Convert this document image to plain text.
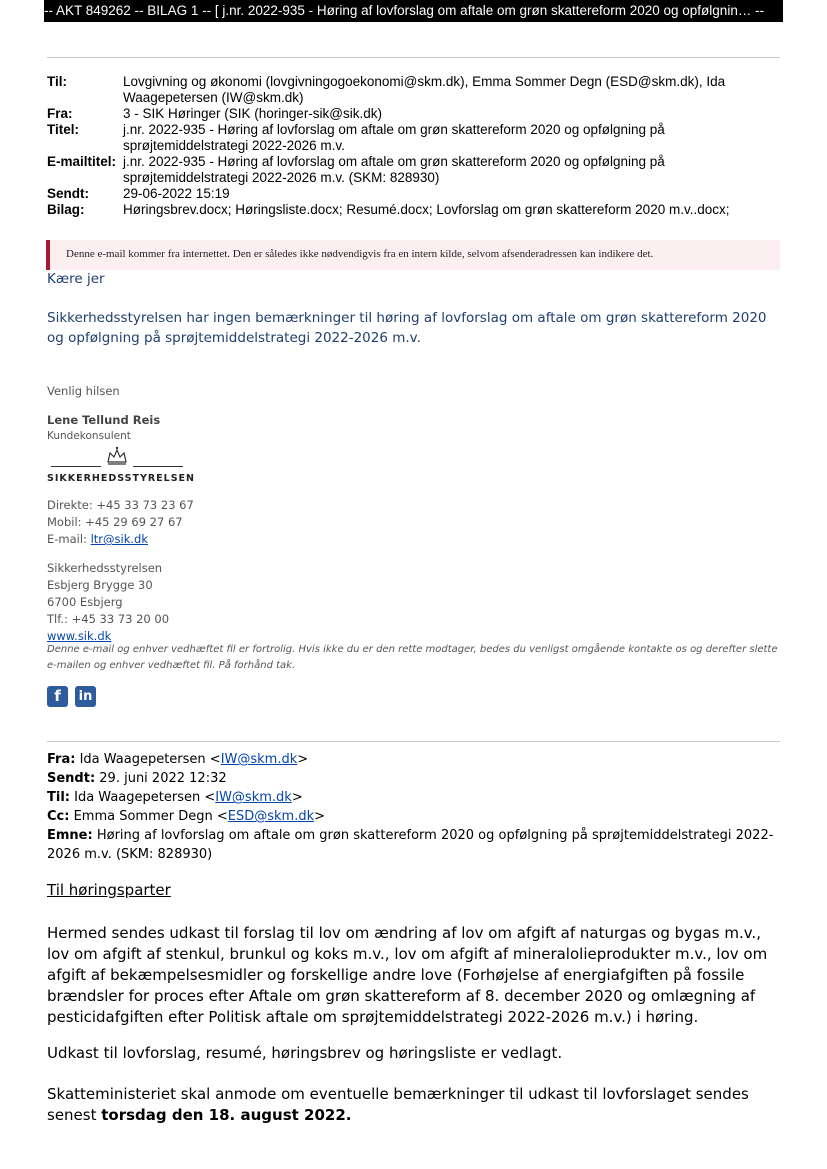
-- AKT 849262 -- BILAG 1 -- [ j.nr. 2022-935 - Høring af lovforslag om aftale om grøn skattereform 2020 og opfølgnin… --
Til:	Lovgivning og økonomi (lovgivningogoekonomi@skm.dk), Emma Sommer Degn (ESD@skm.dk), Ida Waagepetersen (IW@skm.dk)
Fra:	3 - SIK Høringer (SIK (horinger-sik@sik.dk)
Titel:	j.nr. 2022-935 - Høring af lovforslag om aftale om grøn skattereform 2020 og opfølgning på sprøjtemiddelstrategi 2022-2026 m.v.
E-mailtitel: j.nr. 2022-935 - Høring af lovforslag om aftale om grøn skattereform 2020 og opfølgning på sprøjtemiddelstrategi 2022-2026 m.v. (SKM: 828930)
Sendt:	29-06-2022 15:19
Bilag:	Høringsbrev.docx; Høringsliste.docx; Resumé.docx; Lovforslag om grøn skattereform 2020 m.v..docx;
Denne e-mail kommer fra internettet. Den er således ikke nødvendigvis fra en intern kilde, selvom afsenderadressen kan indikere det.
Kære jer
Sikkerhedsstyrelsen har ingen bemærkninger til høring af lovforslag om aftale om grøn skattereform 2020 og opfølgning på sprøjtemiddelstrategi 2022-2026 m.v.
Venlig hilsen
Lene Tellund Reis
Kundekonsulent
SIKKERHEDSSTYRELSEN
Direkte: +45 33 73 23 67
Mobil: +45 29 69 27 67
E-mail: ltr@sik.dk
Sikkerhedsstyrelsen
Esbjerg Brygge 30
6700 Esbjerg
Tlf.: +45 33 73 20 00
www.sik.dk
Denne e-mail og enhver vedhæftet fil er fortrolig. Hvis ikke du er den rette modtager, bedes du venligst omgående kontakte os og derefter slette e-mailen og enhver vedhæftet fil. På forhånd tak.
f	in
Fra: Ida Waagepetersen <IW@skm.dk>
Sendt: 29. juni 2022 12:32
Til: Ida Waagepetersen <IW@skm.dk>
Cc: Emma Sommer Degn <ESD@skm.dk>
Emne: Høring af lovforslag om aftale om grøn skattereform 2020 og opfølgning på sprøjtemiddelstrategi 2022-2026 m.v. (SKM: 828930)
Til høringsparter
Hermed sendes udkast til forslag til lov om ændring af lov om afgift af naturgas og bygas m.v., lov om afgift af stenkul, brunkul og koks m.v., lov om afgift af mineralolieprodukter m.v., lov om afgift af bekæmpelsesmidler og forskellige andre love (Forhøjelse af energiafgiften på fossile brændsler for proces efter Aftale om grøn skattereform af 8. december 2020 og omlægning af pesticidafgiften efter Politisk aftale om sprøjtemiddelstrategi 2022-2026 m.v.) i høring.
Udkast til lovforslag, resumé, høringsbrev og høringsliste er vedlagt.
Skatteministeriet skal anmode om eventuelle bemærkninger til udkast til lovforslaget sendes senest torsdag den 18. august 2022.
